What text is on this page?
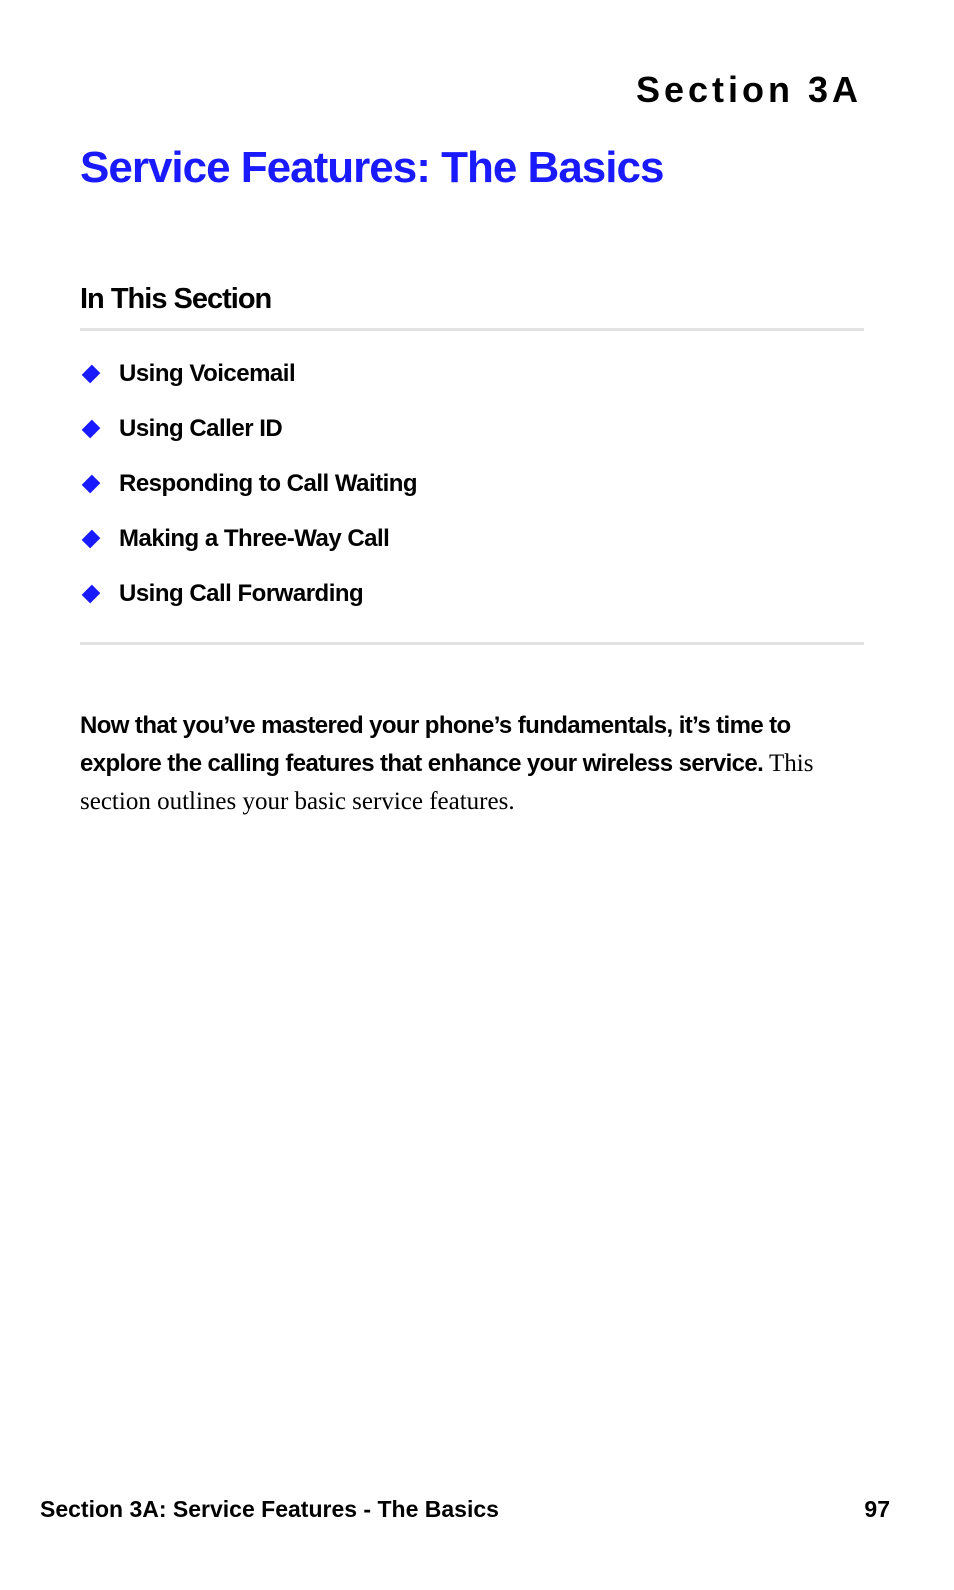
Section 3A

Service Features: The Basics
In This Section
Using Voicemail
Using Caller ID
Responding to Call Waiting
Making a Three-Way Call
Using Call Forwarding

Now that you’ve mastered your phone’s fundamentals, it’s time to explore the calling features that enhance your wireless service. This section outlines your basic service features.

Section 3A: Service Features - The Basics	97
